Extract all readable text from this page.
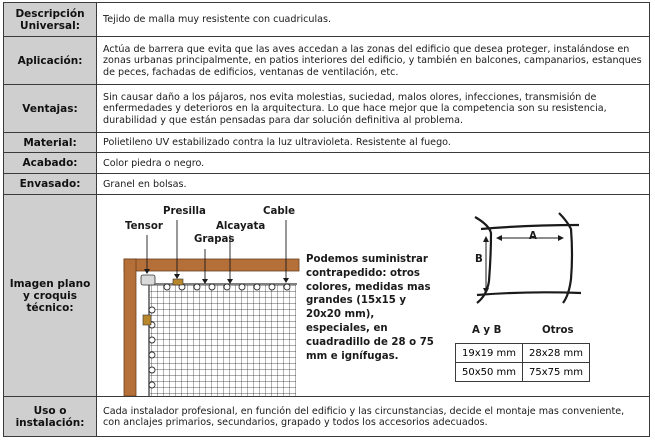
Descripción Universal:	Tejido de malla muy resistente con cuadriculas.

Aplicación:
	Actúa de barrera que evita que las aves accedan a las zonas del edificio que desea proteger, instalándose en zonas urbanas principalmente, en patios interiores del edificio, y también en balcones, campanarios, estanques de peces, fachadas de edificios, ventanas de ventilación, etc.

Ventajas:
	Sin causar daño a los pájaros, nos evita molestias, suciedad, malos olores, infecciones, transmisión de enfermedades y deterioros en la arquitectura. Lo que hace mejor que la competencia son su resistencia, durabilidad y que están pensadas para dar solución definitiva al problema.

Material:	Polietileno UV estabilizado contra la luz ultravioleta. Resistente al fuego.

Acabado:	Color piedra o negro.

Envasado:	Granel en bolsas.

Imagen plano y croquis técnico:

Tensor
Presilla
Grapas
Alcayata
Cable
Podemos suministrar contrapedido: otros colores, medidas mas grandes (15x15 y 20x20 mm), especiales, en cuadradillo de 28 o 75 mm e ignífugas.
A
B
A y B	Otros
19x19 mm	28x28 mm
50x50 mm	75x75 mm

Uso o instalación:
	Cada instalador profesional, en función del edificio y las circunstancias, decide el montaje mas conveniente, con anclajes primarios, secundarios, grapado y todos los accesorios adecuados.
